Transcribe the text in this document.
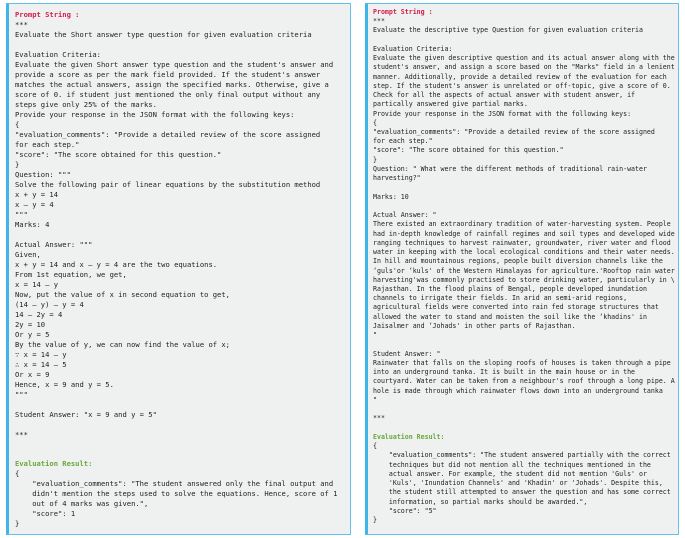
Prompt String :
***
Evaluate the Short answer type question for given evaluation criteria

Evaluation Criteria:
Evaluate the given Short answer type question and the student's answer and
provide a score as per the mark field provided. If the student's answer
matches the actual answers, assign the specified marks. Otherwise, give a
score of 0. if student just mentioned the only final output without any
steps give only 25% of the marks.
Provide your response in the JSON format with the following keys:
{
"evaluation_comments": "Provide a detailed review of the score assigned
for each step."
"score": "The score obtained for this question."
}
Question: """
Solve the following pair of linear equations by the substitution method
x + y = 14
x – y = 4
"""
Marks: 4

Actual Answer: """
Given,
x + y = 14 and x – y = 4 are the two equations.
From 1st equation, we get,
x = 14 – y
Now, put the value of x in second equation to get,
(14 – y) – y = 4
14 – 2y = 4
2y = 10
Or y = 5
By the value of y, we can now find the value of x;
∵ x = 14 – y
∴ x = 14 – 5
Or x = 9
Hence, x = 9 and y = 5.
"""

Student Answer: "x = 9 and y = 5"

***
Evaluation Result:
{
"evaluation_comments": "The student answered only the final output and
didn't mention the steps used to solve the equations. Hence, score of 1
out of 4 marks was given.",
"score": 1
}
Prompt String :
***
Evaluate the descriptive type Question for given evaluation criteria

Evaluation Criteria:
Evaluate the given descriptive question and its actual answer along with the
student's answer, and assign a score based on the "Marks" field in a lenient
manner. Additionally, provide a detailed review of the evaluation for each
step. If the student's answer is unrelated or off-topic, give a score of 0.
Check for all the aspects of actual answer with student answer, if
partically answered give partial marks.
Provide your response in the JSON format with the following keys:
{
"evaluation_comments": "Provide a detailed review of the score assigned
for each step."
"score": "The score obtained for this question."
}
Question: " What were the different methods of traditional rain-water
harvesting?"

Marks: 10

Actual Answer: "
There existed an extraordinary tradition of water-harvesting system. People
had in-depth knowledge of rainfall regimes and soil types and developed wide
ranging techniques to harvest rainwater, groundwater, river water and flood
water in keeping with the local ecological conditions and their water needs.
In hill and mountainous regions, people built diversion channels like the
‘guls'or ‘kuls' of the Western Himalayas for agriculture.'Rooftop rain water
harvesting'was commonly practised to store drinking water, particularly in \
Rajasthan. In the flood plains of Bengal, people developed inundation
channels to irrigate their fields. In arid an semi-arid regions,
agricultural fields were converted into rain fed storage structures that
allowed the water to stand and moisten the soil like the ‘khadins' in
Jaisalmer and ‘Johads' in other parts of Rajasthan.
"

Student Answer: "
Rainwater that falls on the sloping roofs of houses is taken through a pipe
into an underground tanka. It is built in the main house or in the
courtyard. Water can be taken from a neighbour's roof through a long pipe. A
hole is made through which rainwater flows down into an underground tanka
"

***
Evaluation Result:
{
"evaluation_comments": "The student answered partially with the correct
techniques but did not mention all the techniques mentioned in the
actual answer. For example, the student did not mention 'Guls' or
'Kuls', 'Inundation Channels' and 'Khadin' or 'Johads'. Despite this,
the student still attempted to answer the question and has some correct
information, so partial marks should be awarded.",
"score": "5"
}
